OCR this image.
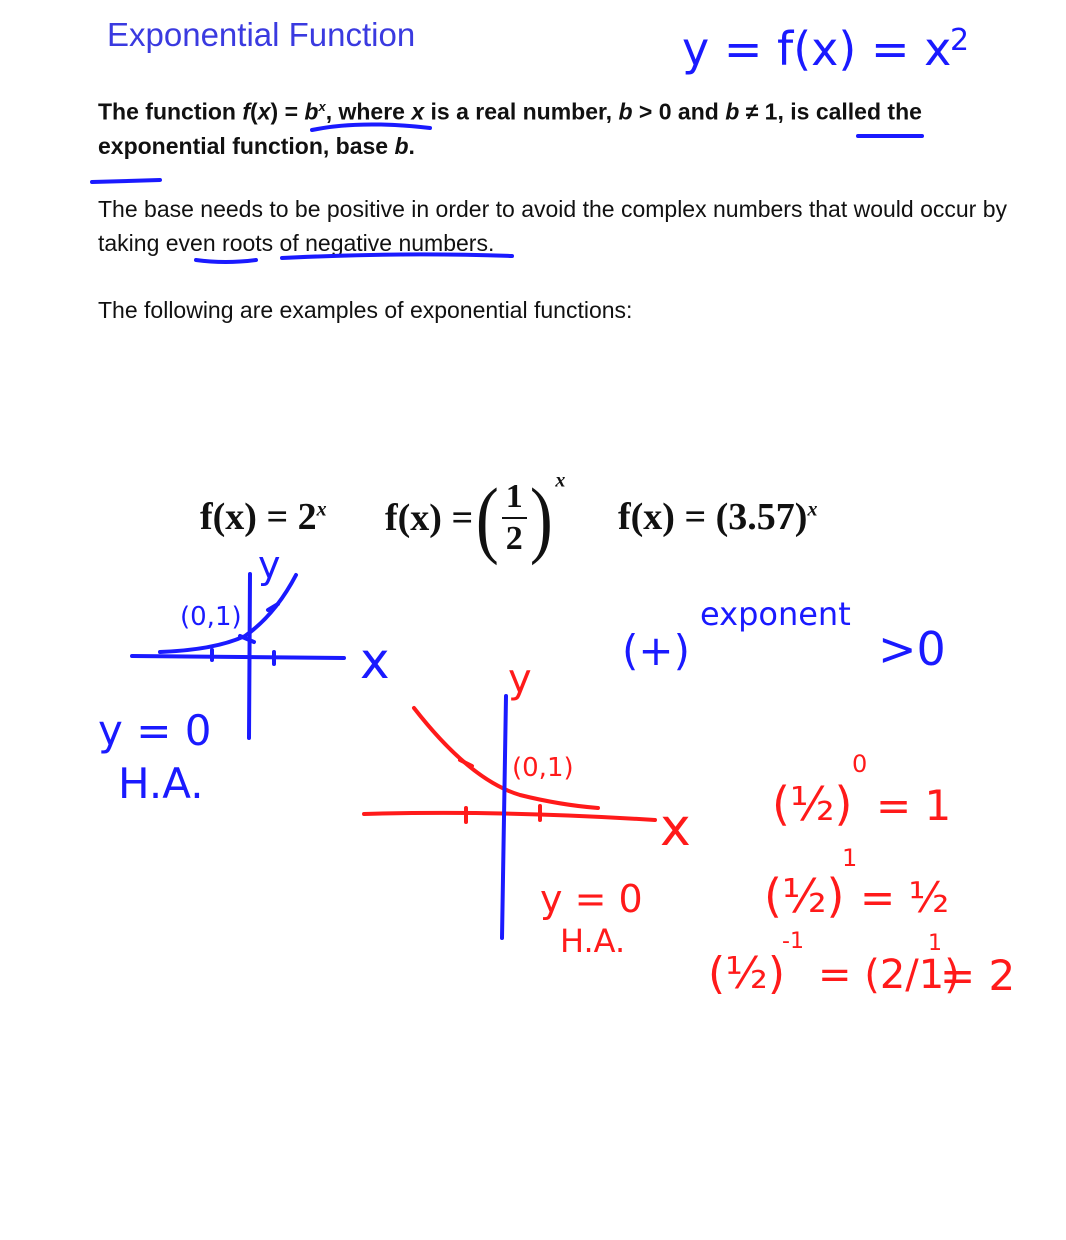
Exponential Function
The function $f(x) = b^x$, where x is a real number, b > 0 and b ≠ 1, is called the exponential function, base b.
The base needs to be positive in order to avoid the complex numbers that would occur by taking even roots of negative numbers.
The following are examples of exponential functions:
$f(x) = 2^x$ f(x) =( $\frac{1}{2}$ ) $^x$
$f(x) = (3.57)^x$
y = f(x) = x
2
y
x
(0,1)
y = 0
H.A.
exponent
(+)	>0
y
x
(0,1)
y = 0
H.A.
(½)
0
= 1
(½)
1
= ½
(½)
-1
= (2/1)
1
= 2
